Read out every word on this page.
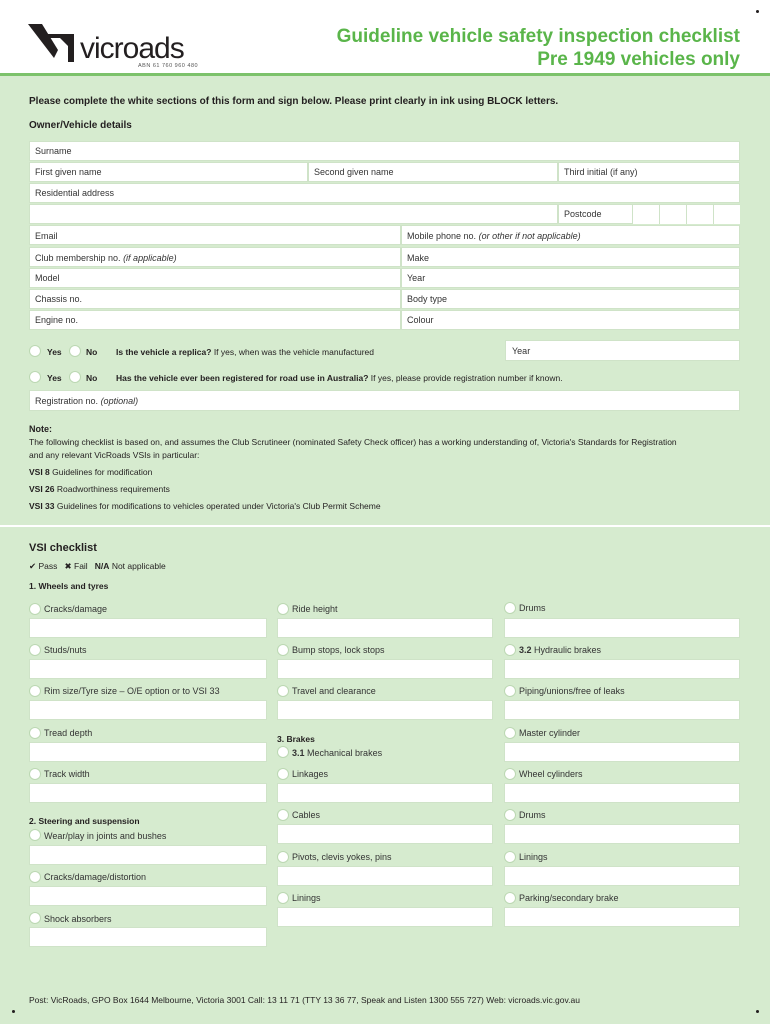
vicroads
ABN 61 760 960 480
Guideline vehicle safety inspection checklist
Pre 1949 vehicles only
Please complete the white sections of this form and sign below. Please print clearly in ink using BLOCK letters.
Owner/Vehicle details
Surname
First given name	Second given name	Third initial (if any)
Residential address
Postcode
Email	Mobile phone no. (or other if not applicable)
Club membership no. (if applicable)	Make
Model	Year
Chassis no.	Body type
Engine no.	Colour
Yes	No Is the vehicle a replica? If yes, when was the vehicle manufactured	Year
Yes	No Has the vehicle ever been registered for road use in Australia? If yes, please provide registration number if known.
Registration no. (optional)
Note:
The following checklist is based on, and assumes the Club Scrutineer (nominated Safety Check officer) has a working understanding of, Victoria's Standards for Registration
and any relevant VicRoads VSIs in particular:
VSI 8 Guidelines for modification
VSI 26 Roadworthiness requirements
VSI 33 Guidelines for modifications to vehicles operated under Victoria's Club Permit Scheme
VSI checklist
✔ Pass ✖ Fail N/A Not applicable
1. Wheels and tyres
Cracks/damage
Studs/nuts
Rim size/Tyre size – O/E option or to VSI 33
Tread depth
Track width
2. Steering and suspension
Wear/play in joints and bushes
Cracks/damage/distortion
Shock absorbers
Ride height
Bump stops, lock stops
Travel and clearance
3. Brakes
3.1 Mechanical brakes
Linkages
Cables
Pivots, clevis yokes, pins
Linings
Drums
3.2 Hydraulic brakes
Piping/unions/free of leaks
Master cylinder
Wheel cylinders
Drums
Linings
Parking/secondary brake
Post: VicRoads, GPO Box 1644 Melbourne, Victoria 3001 Call: 13 11 71 (TTY 13 36 77, Speak and Listen 1300 555 727) Web: vicroads.vic.gov.au
